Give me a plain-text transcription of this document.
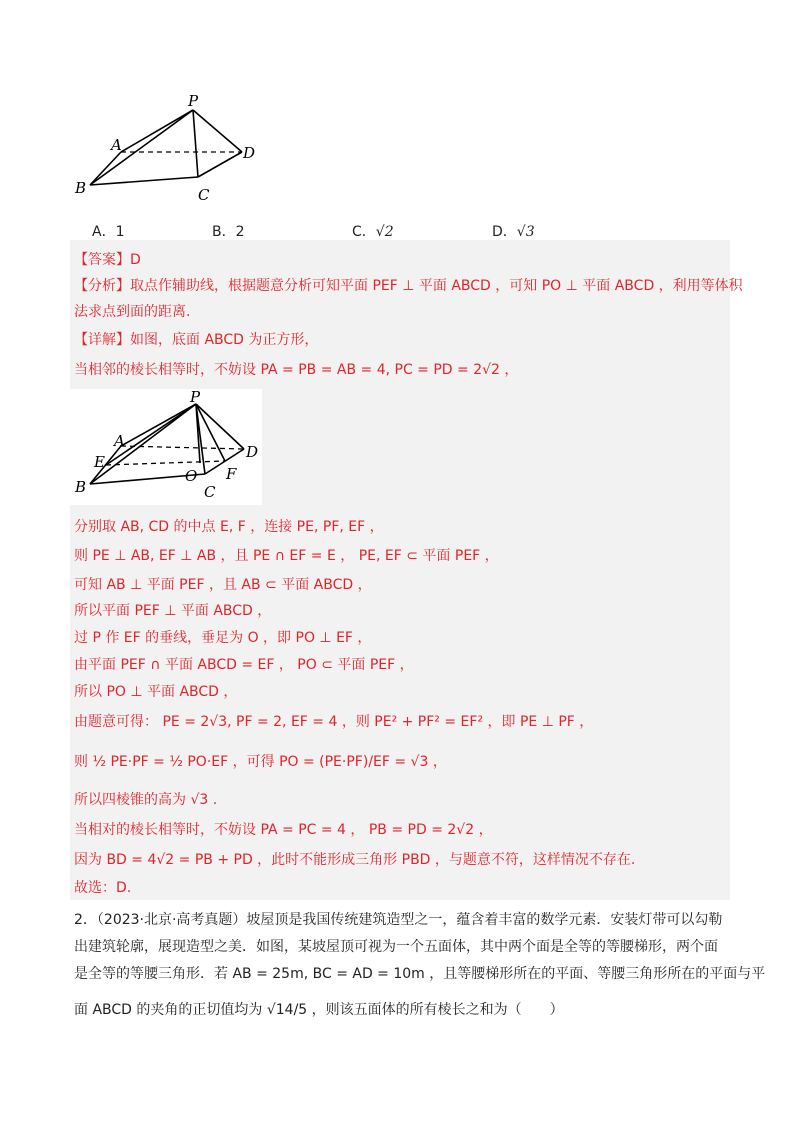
P
A
B	C
D
A．1	B．2	C．√2	D．√3
【答案】D
【分析】取点作辅助线，根据题意分析可知平面 PEF ⊥ 平面 ABCD ，可知 PO ⊥ 平面 ABCD ，利用等体积
法求点到面的距离.
【详解】如图，底面 ABCD 为正方形，
当相邻的棱长相等时，不妨设 PA = PB = AB = 4, PC = PD = 2√2 ，
P
A
E
B
O
C
F
D
分别取 AB, CD 的中点 E, F ，连接 PE, PF, EF ，
则 PE ⊥ AB, EF ⊥ AB ，且 PE ∩ EF = E ， PE, EF ⊂ 平面 PEF ，
可知 AB ⊥ 平面 PEF ，且 AB ⊂ 平面 ABCD ，
所以平面 PEF ⊥ 平面 ABCD ，
过 P 作 EF 的垂线，垂足为 O ，即 PO ⊥ EF ，
由平面 PEF ∩ 平面 ABCD = EF ， PO ⊂ 平面 PEF ，
所以 PO ⊥ 平面 ABCD ，
由题意可得： PE = 2√3, PF = 2, EF = 4 ，则 PE² + PF² = EF² ，即 PE ⊥ PF ，
则 ½ PE·PF = ½ PO·EF ，可得 PO = (PE·PF)/EF = √3 ，
所以四棱锥的高为 √3 .
当相对的棱长相等时，不妨设 PA = PC = 4 ， PB = PD = 2√2 ，
因为 BD = 4√2 = PB + PD ，此时不能形成三角形 PBD ，与题意不符，这样情况不存在.
故选：D.
2．（2023·北京·高考真题）坡屋顶是我国传统建筑造型之一，蕴含着丰富的数学元素．安装灯带可以勾勒
出建筑轮廓，展现造型之美．如图，某坡屋顶可视为一个五面体，其中两个面是全等的等腰梯形，两个面
是全等的等腰三角形．若 AB = 25m, BC = AD = 10m ，且等腰梯形所在的平面、等腰三角形所在的平面与平
面 ABCD 的夹角的正切值均为 √14/5 ，则该五面体的所有棱长之和为（　　）
